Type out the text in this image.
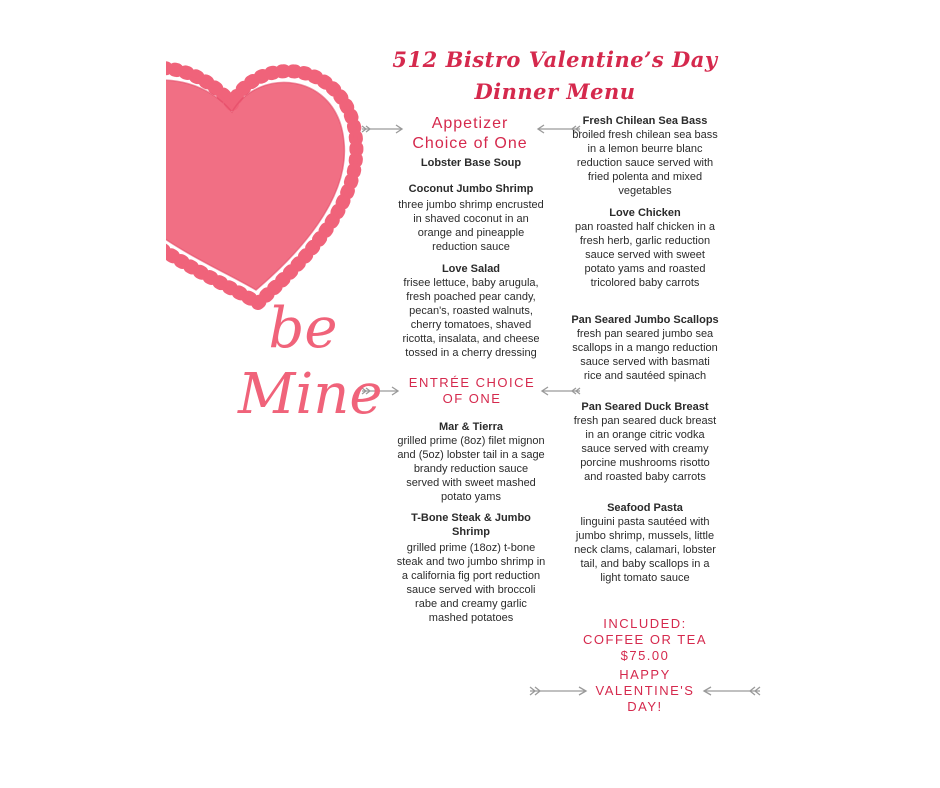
be Mine
512 Bistro Valentine’s Day
Dinner Menu
Appetizer
Choice of One
Lobster Base Soup
Coconut Jumbo Shrimp
three jumbo shrimp encrusted in shaved coconut in an orange and pineapple reduction sauce
Love Salad
frisee lettuce, baby arugula, fresh poached pear candy, pecan's, roasted walnuts, cherry tomatoes, shaved ricotta, insalata, and cheese tossed in a cherry dressing
ENTRÉE CHOICE
OF ONE
Mar & Tierra
grilled prime (8oz) filet mignon and (5oz) lobster tail in a sage brandy reduction sauce served with sweet mashed potato yams
T-Bone Steak & Jumbo Shrimp
grilled prime (18oz) t-bone steak and two jumbo shrimp in a california fig port reduction sauce served with broccoli rabe and creamy garlic mashed potatoes
Fresh Chilean Sea Bass
broiled fresh chilean sea bass in a lemon beurre blanc reduction sauce served with fried polenta and mixed vegetables
Love Chicken
pan roasted half chicken in a fresh herb, garlic reduction sauce served with sweet potato yams and roasted tricolored baby carrots
Pan Seared Jumbo Scallops
fresh pan seared jumbo sea scallops in a mango reduction sauce served with basmati rice and sautéed spinach
Pan Seared Duck Breast
fresh pan seared duck breast in an orange citric vodka sauce served with creamy porcine mushrooms risotto and roasted baby carrots
Seafood Pasta
linguini pasta sautéed with jumbo shrimp, mussels, little neck clams, calamari, lobster tail, and baby scallops in a light tomato sauce
INCLUDED:
COFFEE OR TEA
$75.00
HAPPY
VALENTINE'S
DAY!
